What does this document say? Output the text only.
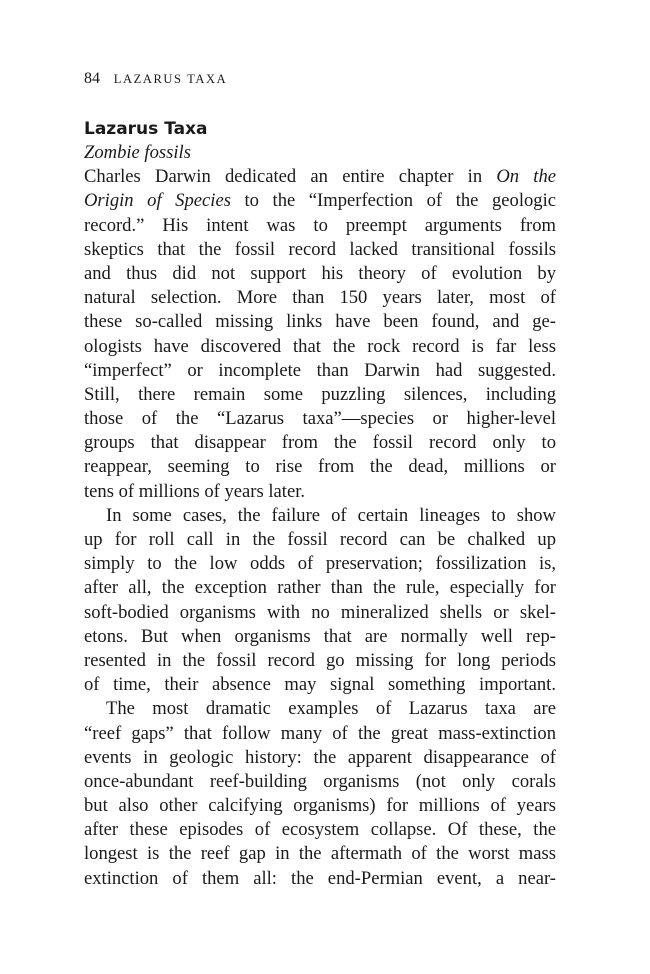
84 LAZARUS TAXA
Lazarus Taxa
Zombie fossils
Charles Darwin dedicated an entire chapter in On the
Origin of Species to the “Imperfection of the geologic
record.” His intent was to preempt arguments from
skeptics that the fossil record lacked transitional fossils
and thus did not support his theory of evolution by
natural selection. More than 150 years later, most of
these so-called missing links have been found, and ge-
ologists have discovered that the rock record is far less
“imperfect” or incomplete than Darwin had suggested.
Still, there remain some puzzling silences, including
those of the “Lazarus taxa”—species or higher-level
groups that disappear from the fossil record only to
reappear, seeming to rise from the dead, millions or
tens of millions of years later.
In some cases, the failure of certain lineages to show
up for roll call in the fossil record can be chalked up
simply to the low odds of preservation; fossilization is,
after all, the exception rather than the rule, especially for
soft-bodied organisms with no mineralized shells or skel-
etons. But when organisms that are normally well rep-
resented in the fossil record go missing for long periods
of time, their absence may signal something important.
The most dramatic examples of Lazarus taxa are
“reef gaps” that follow many of the great mass-extinction
events in geologic history: the apparent disappearance of
once-abundant reef-building organisms (not only corals
but also other calcifying organisms) for millions of years
after these episodes of ecosystem collapse. Of these, the
longest is the reef gap in the aftermath of the worst mass
extinction of them all: the end-Permian event, a near-
